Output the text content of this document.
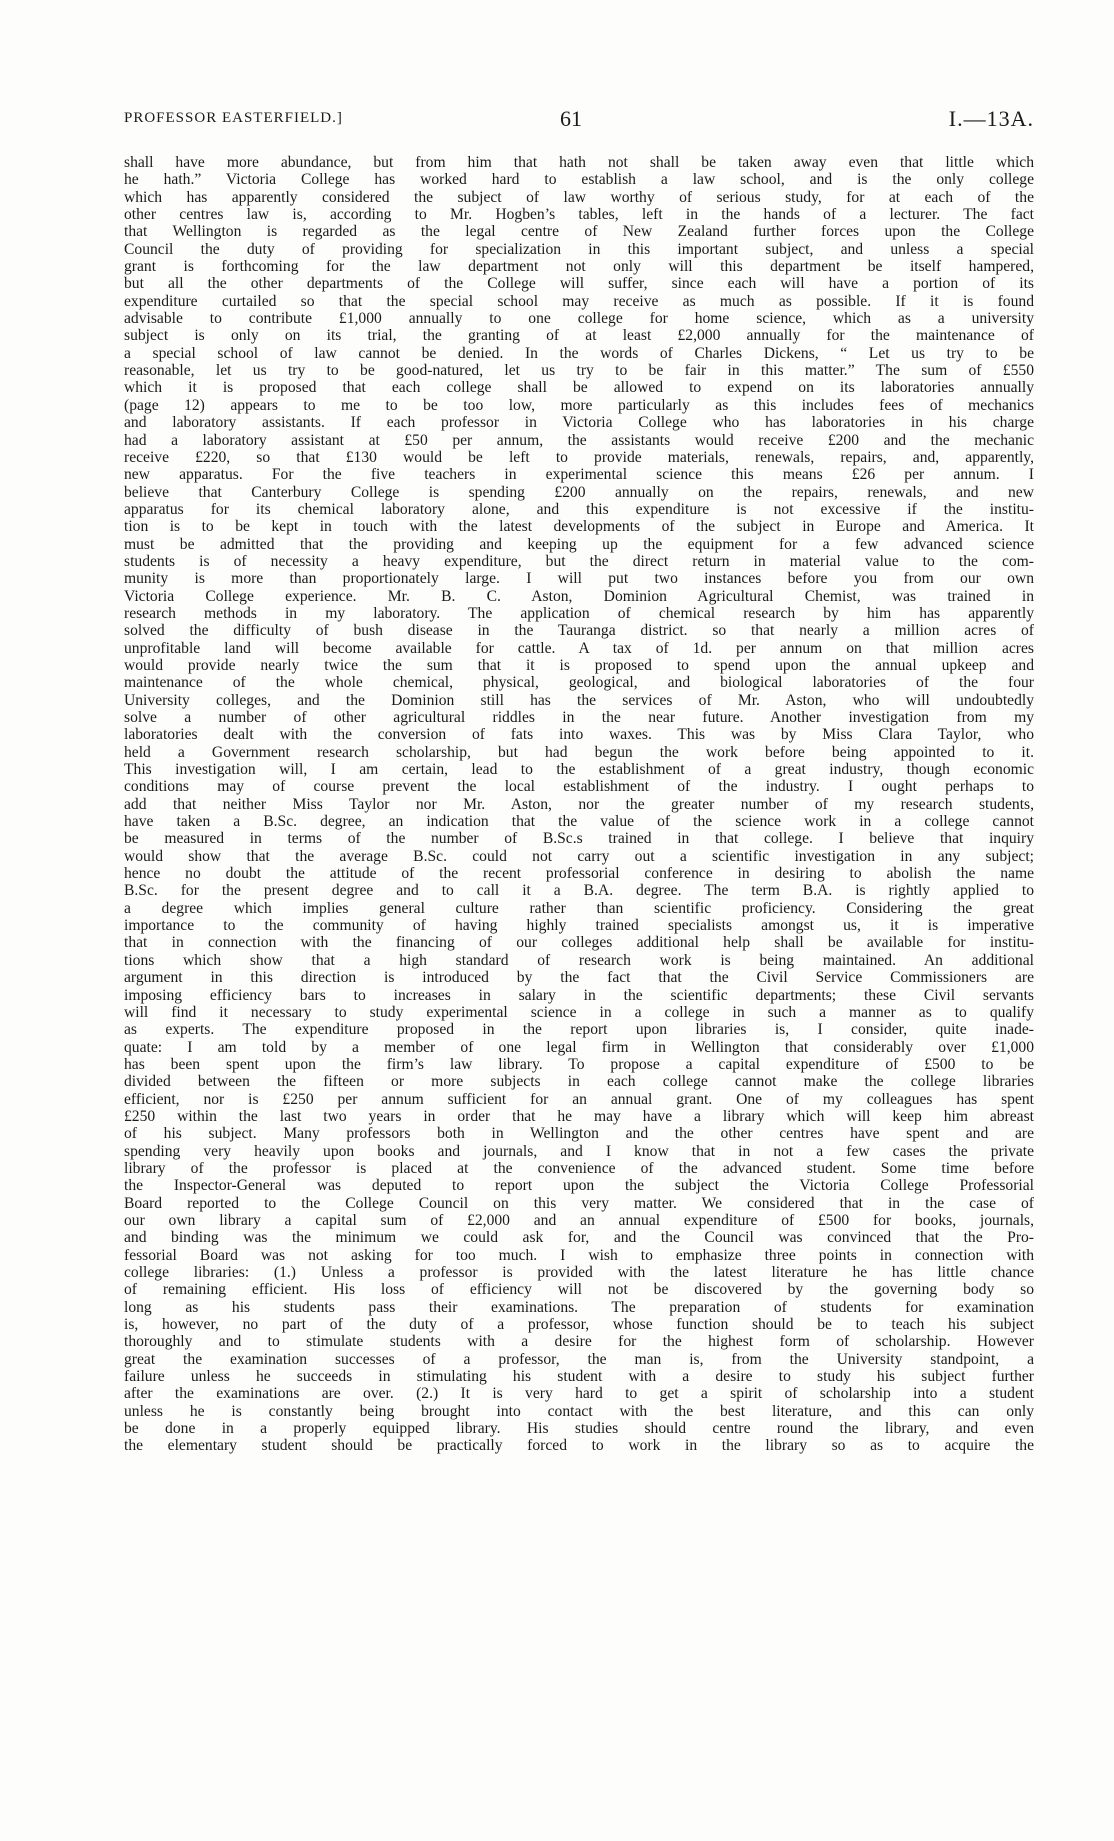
PROFESSOR EASTERFIELD.]	61	I.—13A.
shall have more abundance, but from him that hath not shall be taken away even that little which
he hath.” Victoria College has worked hard to establish a law school, and is the only college
which has apparently considered the subject of law worthy of serious study, for at each of the
other centres law is, according to Mr. Hogben’s tables, left in the hands of a lecturer. The fact
that Wellington is regarded as the legal centre of New Zealand further forces upon the College
Council the duty of providing for specialization in this important subject, and unless a special
grant is forthcoming for the law department not only will this department be itself hampered,
but all the other departments of the College will suffer, since each will have a portion of its
expenditure curtailed so that the special school may receive as much as possible. If it is found
advisable to contribute £1,000 annually to one college for home science, which as a university
subject is only on its trial, the granting of at least £2,000 annually for the maintenance of
a special school of law cannot be denied. In the words of Charles Dickens, “ Let us try to be
reasonable, let us try to be good-natured, let us try to be fair in this matter.” The sum of £550
which it is proposed that each college shall be allowed to expend on its laboratories annually
(page 12) appears to me to be too low, more particularly as this includes fees of mechanics
and laboratory assistants. If each professor in Victoria College who has laboratories in his charge
had a laboratory assistant at £50 per annum, the assistants would receive £200 and the mechanic
receive £220, so that £130 would be left to provide materials, renewals, repairs, and, apparently,
new apparatus. For the five teachers in experimental science this means £26 per annum. I
believe that Canterbury College is spending £200 annually on the repairs, renewals, and new
apparatus for its chemical laboratory alone, and this expenditure is not excessive if the institu-
tion is to be kept in touch with the latest developments of the subject in Europe and America. It
must be admitted that the providing and keeping up the equipment for a few advanced science
students is of necessity a heavy expenditure, but the direct return in material value to the com-
munity is more than proportionately large. I will put two instances before you from our own
Victoria College experience. Mr. B. C. Aston, Dominion Agricultural Chemist, was trained in
research methods in my laboratory. The application of chemical research by him has apparently
solved the difficulty of bush disease in the Tauranga district. so that nearly a million acres of
unprofitable land will become available for cattle. A tax of 1d. per annum on that million acres
would provide nearly twice the sum that it is proposed to spend upon the annual upkeep and
maintenance of the whole chemical, physical, geological, and biological laboratories of the four
University colleges, and the Dominion still has the services of Mr. Aston, who will undoubtedly
solve a number of other agricultural riddles in the near future. Another investigation from my
laboratories dealt with the conversion of fats into waxes. This was by Miss Clara Taylor, who
held a Government research scholarship, but had begun the work before being appointed to it.
This investigation will, I am certain, lead to the establishment of a great industry, though economic
conditions may of course prevent the local establishment of the industry. I ought perhaps to
add that neither Miss Taylor nor Mr. Aston, nor the greater number of my research students,
have taken a B.Sc. degree, an indication that the value of the science work in a college cannot
be measured in terms of the number of B.Sc.s trained in that college. I believe that inquiry
would show that the average B.Sc. could not carry out a scientific investigation in any subject;
hence no doubt the attitude of the recent professorial conference in desiring to abolish the name
B.Sc. for the present degree and to call it a B.A. degree. The term B.A. is rightly applied to
a degree which implies general culture rather than scientific proficiency. Considering the great
importance to the community of having highly trained specialists amongst us, it is imperative
that in connection with the financing of our colleges additional help shall be available for institu-
tions which show that a high standard of research work is being maintained. An additional
argument in this direction is introduced by the fact that the Civil Service Commissioners are
imposing efficiency bars to increases in salary in the scientific departments; these Civil servants
will find it necessary to study experimental science in a college in such a manner as to qualify
as experts. The expenditure proposed in the report upon libraries is, I consider, quite inade-
quate: I am told by a member of one legal firm in Wellington that considerably over £1,000
has been spent upon the firm’s law library. To propose a capital expenditure of £500 to be
divided between the fifteen or more subjects in each college cannot make the college libraries
efficient, nor is £250 per annum sufficient for an annual grant. One of my colleagues has spent
£250 within the last two years in order that he may have a library which will keep him abreast
of his subject. Many professors both in Wellington and the other centres have spent and are
spending very heavily upon books and journals, and I know that in not a few cases the private
library of the professor is placed at the convenience of the advanced student. Some time before
the Inspector-General was deputed to report upon the subject the Victoria College Professorial
Board reported to the College Council on this very matter. We considered that in the case of
our own library a capital sum of £2,000 and an annual expenditure of £500 for books, journals,
and binding was the minimum we could ask for, and the Council was convinced that the Pro-
fessorial Board was not asking for too much. I wish to emphasize three points in connection with
college libraries: (1.) Unless a professor is provided with the latest literature he has little chance
of remaining efficient. His loss of efficiency will not be discovered by the governing body so
long as his students pass their examinations. The preparation of students for examination
is, however, no part of the duty of a professor, whose function should be to teach his subject
thoroughly and to stimulate students with a desire for the highest form of scholarship. However
great the examination successes of a professor, the man is, from the University standpoint, a
failure unless he succeeds in stimulating his student with a desire to study his subject further
after the examinations are over. (2.) It is very hard to get a spirit of scholarship into a student
unless he is constantly being brought into contact with the best literature, and this can only
be done in a properly equipped library. His studies should centre round the library, and even
the elementary student should be practically forced to work in the library so as to acquire the
